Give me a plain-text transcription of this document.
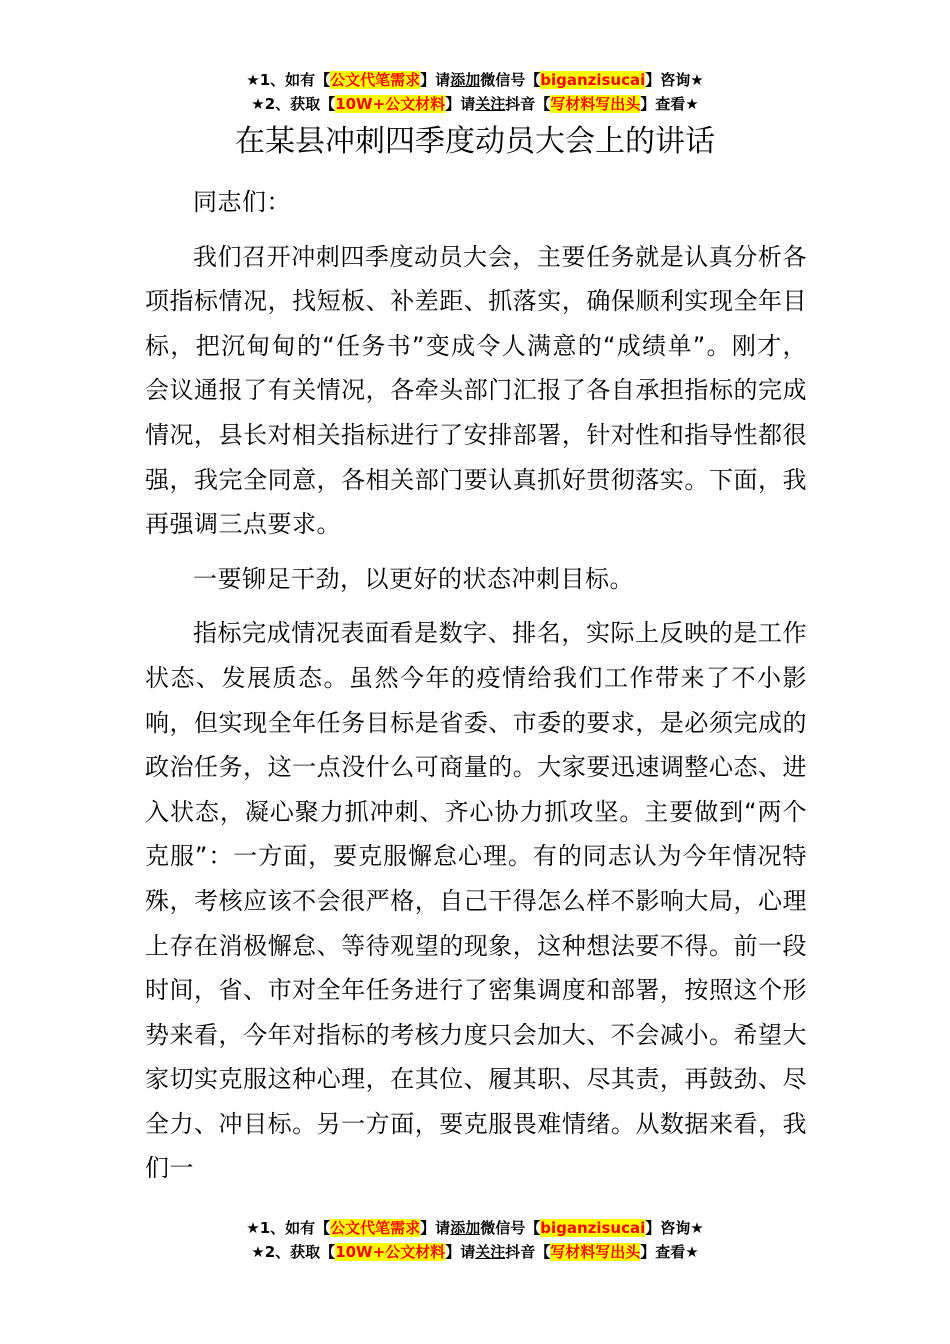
★1、如有【公文代笔需求】请添加微信号【biganzisucai】咨询★
★2、获取【10W+公文材料】请关注抖音【写材料写出头】查看★
在某县冲刺四季度动员大会上的讲话

同志们：

我们召开冲刺四季度动员大会，主要任务就是认真分析各项指标情况，找短板、补差距、抓落实，确保顺利实现全年目标，把沉甸甸的“任务书”变成令人满意的“成绩单”。刚才，会议通报了有关情况，各牵头部门汇报了各自承担指标的完成情况，县长对相关指标进行了安排部署，针对性和指导性都很强，我完全同意，各相关部门要认真抓好贯彻落实。下面，我再强调三点要求。

一要铆足干劲，以更好的状态冲刺目标。

指标完成情况表面看是数字、排名，实际上反映的是工作状态、发展质态。虽然今年的疫情给我们工作带来了不小影响，但实现全年任务目标是省委、市委的要求，是必须完成的政治任务，这一点没什么可商量的。大家要迅速调整心态、进入状态，凝心聚力抓冲刺、齐心协力抓攻坚。主要做到“两个克服”：一方面，要克服懈怠心理。有的同志认为今年情况特殊，考核应该不会很严格，自己干得怎么样不影响大局，心理上存在消极懈怠、等待观望的现象，这种想法要不得。前一段时间，省、市对全年任务进行了密集调度和部署，按照这个形势来看，今年对指标的考核力度只会加大、不会减小。希望大家切实克服这种心理，在其位、履其职、尽其责，再鼓劲、尽全力、冲目标。另一方面，要克服畏难情绪。从数据来看，我们一

★1、如有【公文代笔需求】请添加微信号【biganzisucai】咨询★
★2、获取【10W+公文材料】请关注抖音【写材料写出头】查看★
